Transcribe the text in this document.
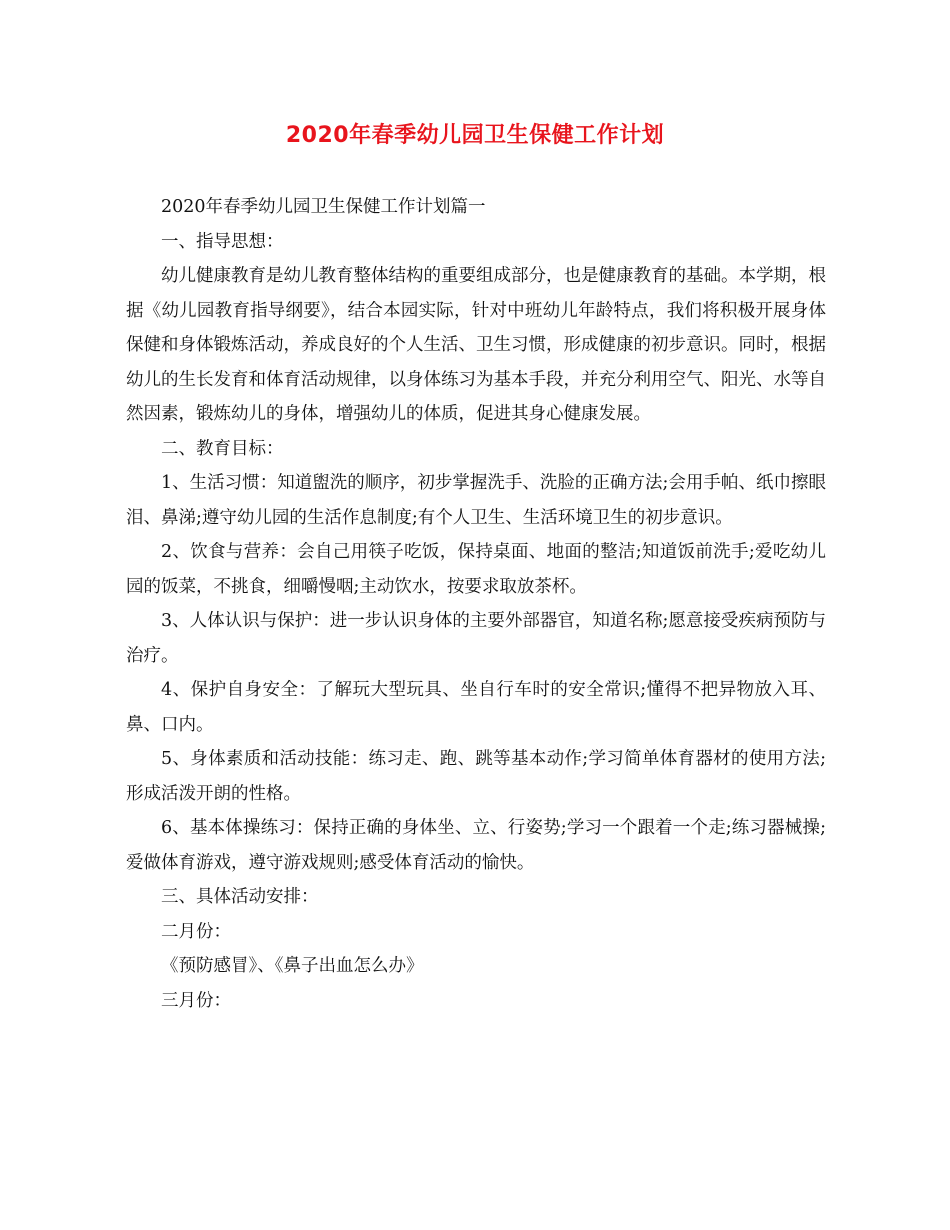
2020年春季幼儿园卫生保健工作计划

2020年春季幼儿园卫生保健工作计划篇一

一、指导思想：

幼儿健康教育是幼儿教育整体结构的重要组成部分，也是健康教育的基础。本学期，根据《幼儿园教育指导纲要》，结合本园实际，针对中班幼儿年龄特点，我们将积极开展身体保健和身体锻炼活动，养成良好的个人生活、卫生习惯，形成健康的初步意识。同时，根据幼儿的生长发育和体育活动规律，以身体练习为基本手段，并充分利用空气、阳光、水等自然因素，锻炼幼儿的身体，增强幼儿的体质，促进其身心健康发展。

二、教育目标：

1、生活习惯：知道盥洗的顺序，初步掌握洗手、洗脸的正确方法;会用手帕、纸巾擦眼泪、鼻涕;遵守幼儿园的生活作息制度;有个人卫生、生活环境卫生的初步意识。

2、饮食与营养：会自己用筷子吃饭，保持桌面、地面的整洁;知道饭前洗手;爱吃幼儿园的饭菜，不挑食，细嚼慢咽;主动饮水，按要求取放茶杯。

3、人体认识与保护：进一步认识身体的主要外部器官，知道名称;愿意接受疾病预防与治疗。

4、保护自身安全：了解玩大型玩具、坐自行车时的安全常识;懂得不把异物放入耳、鼻、口内。

5、身体素质和活动技能：练习走、跑、跳等基本动作;学习简单体育器材的使用方法;形成活泼开朗的性格。

6、基本体操练习：保持正确的身体坐、立、行姿势;学习一个跟着一个走;练习器械操;爱做体育游戏，遵守游戏规则;感受体育活动的愉快。

三、具体活动安排：

二月份：

《预防感冒》、《鼻子出血怎么办》

三月份：
